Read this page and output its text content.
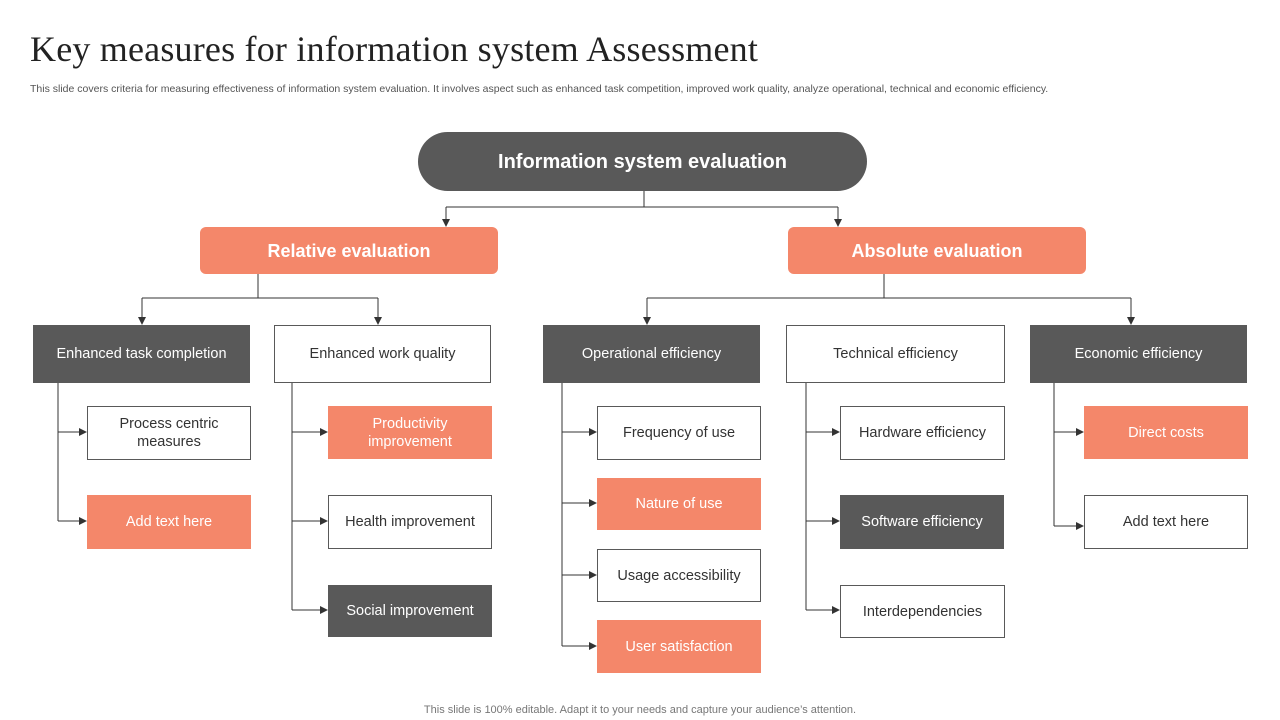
Key measures for information system Assessment
This slide covers criteria for measuring effectiveness of information system evaluation. It involves aspect such as enhanced task competition, improved work quality, analyze operational, technical and economic efficiency.
Information system evaluation
Relative evaluation	Absolute evaluation
Enhanced task completion	Enhanced work quality	Operational efficiency	Technical efficiency	Economic efficiency
Process centric measures
Add text here
Productivity improvement
Health improvement
Social improvement
Frequency of use
Nature of use
Usage accessibility
User satisfaction
Hardware efficiency
Software efficiency
Interdependencies
Direct costs
Add text here
This slide is 100% editable. Adapt it to your needs and capture your audience’s attention.
